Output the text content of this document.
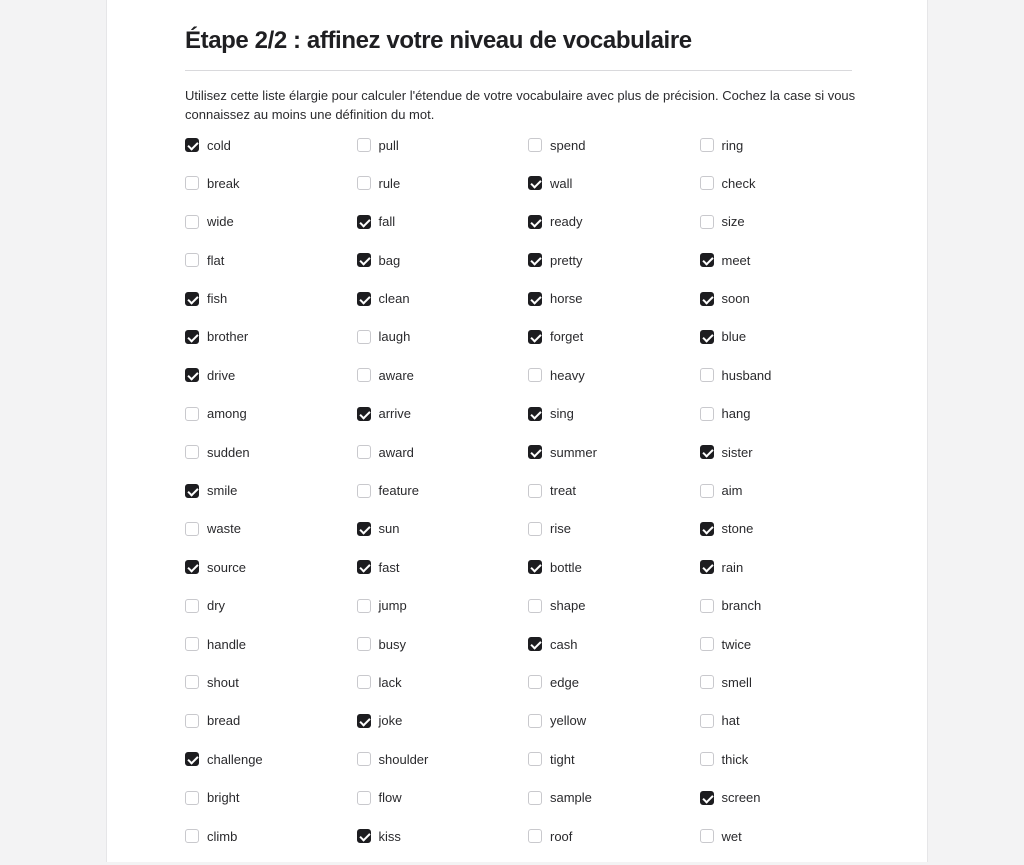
Étape 2/2 : affinez votre niveau de vocabulaire

Utilisez cette liste élargie pour calculer l'étendue de votre vocabulaire avec plus de précision. Cochez la case si vous connaissez au moins une définition du mot.

cold	pull	spend	ring
break	rule	wall	check
wide	fall	ready	size
flat	bag	pretty	meet
fish	clean	horse	soon
brother	laugh	forget	blue
drive	aware	heavy	husband
among	arrive	sing	hang
sudden	award	summer	sister
smile	feature	treat	aim
waste	sun	rise	stone
source	fast	bottle	rain
dry	jump	shape	branch
handle	busy	cash	twice
shout	lack	edge	smell
bread	joke	yellow	hat
challenge	shoulder	tight	thick
bright	flow	sample	screen
climb	kiss	roof	wet
